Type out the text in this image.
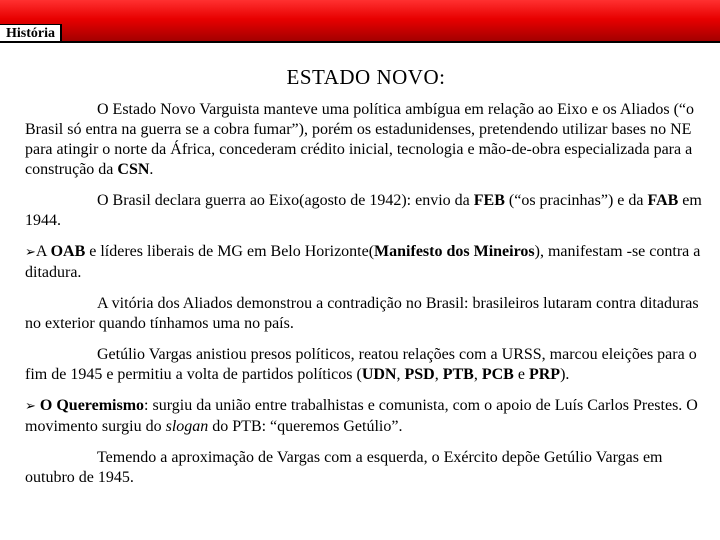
História
ESTADO NOVO:

O Estado Novo Varguista manteve uma política ambígua em relação ao Eixo e os Aliados (“o Brasil só entra na guerra se a cobra fumar”), porém os estadunidenses, pretendendo utilizar bases no NE para atingir o norte da África, concederam crédito inicial, tecnologia e mão-de-obra especializada para a construção da CSN.

O Brasil declara guerra ao Eixo(agosto de 1942): envio da FEB (“os pracinhas”) e da FAB em 1944.

➢A OAB e líderes liberais de MG em Belo Horizonte(Manifesto dos Mineiros), manifestam -se contra a ditadura.

A vitória dos Aliados demonstrou a contradição no Brasil: brasileiros lutaram contra ditaduras no exterior quando tínhamos uma no país.

Getúlio Vargas anistiou presos políticos, reatou relações com a URSS, marcou eleições para o fim de 1945 e permitiu a volta de partidos políticos (UDN, PSD, PTB, PCB e PRP).

➢ O Queremismo: surgiu da união entre trabalhistas e comunista, com o apoio de Luís Carlos Prestes. O movimento surgiu do slogan do PTB: “queremos Getúlio”.

Temendo a aproximação de Vargas com a esquerda, o Exército depõe Getúlio Vargas em outubro de 1945.
